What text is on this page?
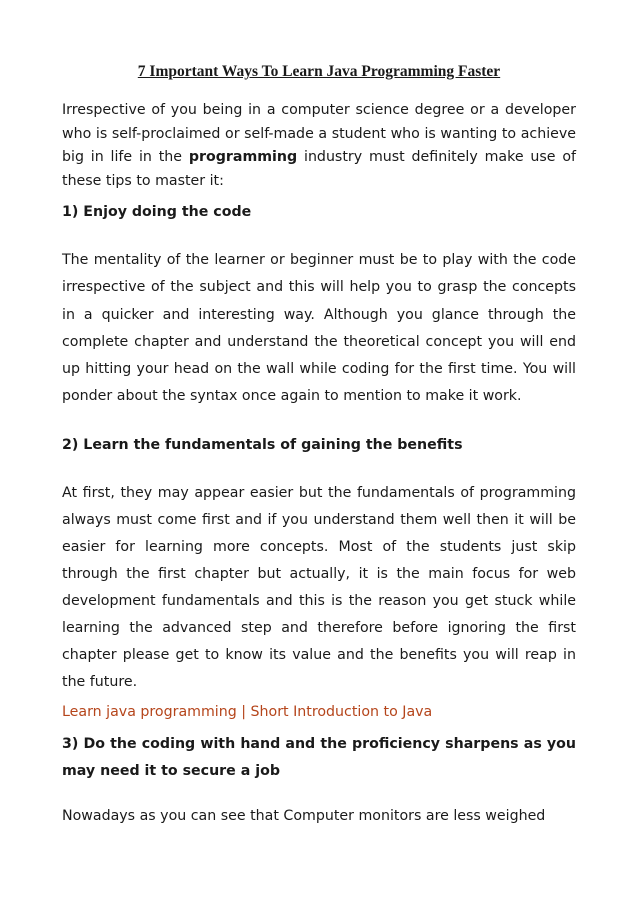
7 Important Ways To Learn Java Programming Faster

Irrespective of you being in a computer science degree or a developer who is self-proclaimed or self-made a student who is wanting to achieve big in life in the programming industry must definitely make use of these tips to master it:

1) Enjoy doing the code

The mentality of the learner or beginner must be to play with the code irrespective of the subject and this will help you to grasp the concepts in a quicker and interesting way. Although you glance through the complete chapter and understand the theoretical concept you will end up hitting your head on the wall while coding for the first time. You will ponder about the syntax once again to mention to make it work.

2) Learn the fundamentals of gaining the benefits

At first, they may appear easier but the fundamentals of programming always must come first and if you understand them well then it will be easier for learning more concepts. Most of the students just skip through the first chapter but actually, it is the main focus for web development fundamentals and this is the reason you get stuck while learning the advanced step and therefore before ignoring the first chapter please get to know its value and the benefits you will reap in the future.

Learn java programming | Short Introduction to Java

3) Do the coding with hand and the proficiency sharpens as you may need it to secure a job

Nowadays as you can see that Computer monitors are less weighed
